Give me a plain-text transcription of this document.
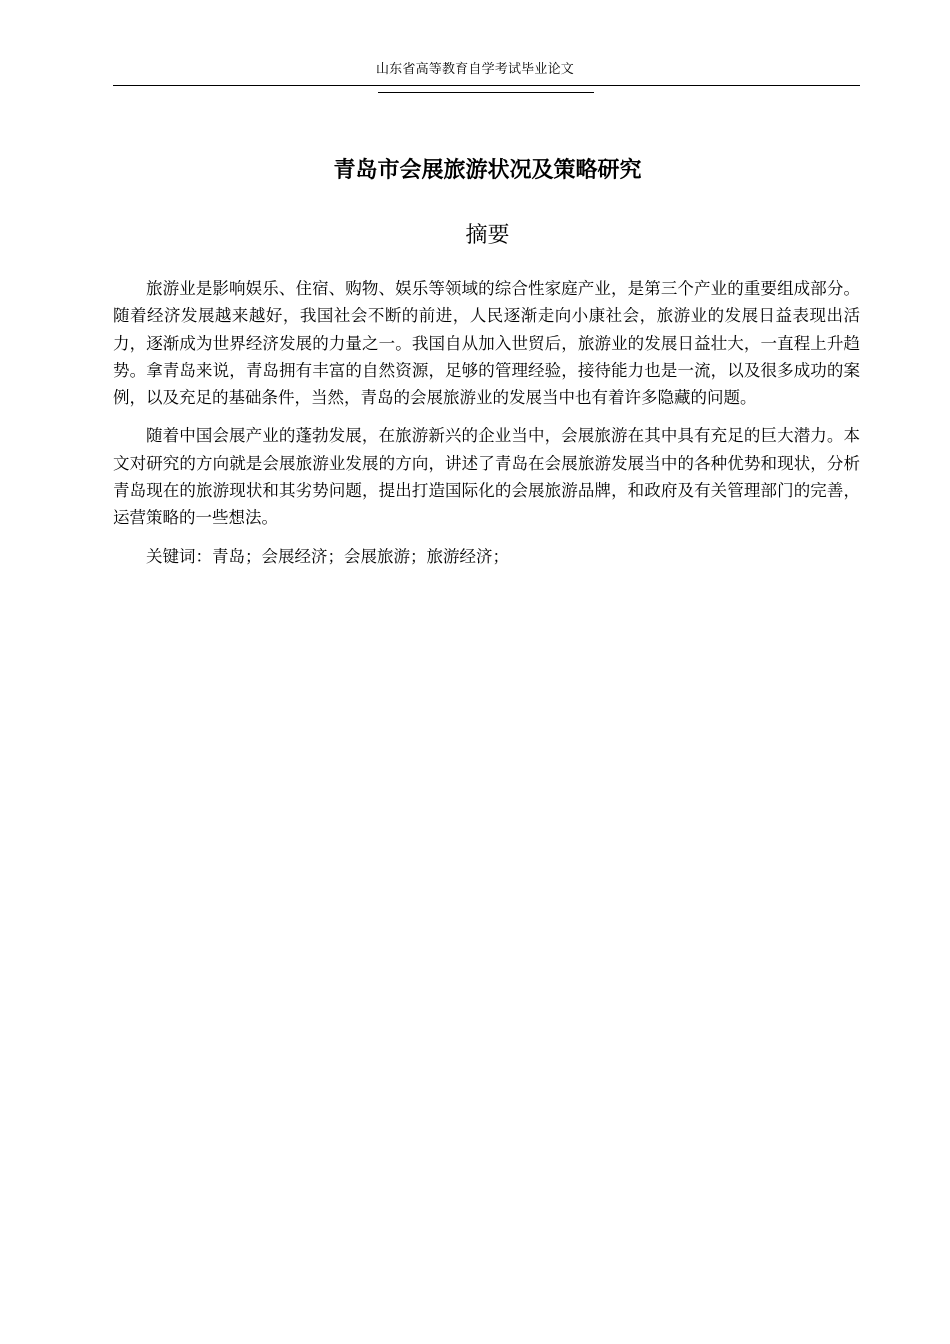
山东省高等教育自学考试毕业论文
青岛市会展旅游状况及策略研究
摘要

旅游业是影响娱乐、住宿、购物、娱乐等领域的综合性家庭产业，是第三个产业的重要组成部分。随着经济发展越来越好，我国社会不断的前进，人民逐渐走向小康社会，旅游业的发展日益表现出活力，逐渐成为世界经济发展的力量之一。我国自从加入世贸后，旅游业的发展日益壮大，一直程上升趋势。拿青岛来说，青岛拥有丰富的自然资源，足够的管理经验，接待能力也是一流，以及很多成功的案例，以及充足的基础条件，当然，青岛的会展旅游业的发展当中也有着许多隐藏的问题。

随着中国会展产业的蓬勃发展，在旅游新兴的企业当中，会展旅游在其中具有充足的巨大潜力。本文对研究的方向就是会展旅游业发展的方向，讲述了青岛在会展旅游发展当中的各种优势和现状，分析青岛现在的旅游现状和其劣势问题，提出打造国际化的会展旅游品牌，和政府及有关管理部门的完善，运营策略的一些想法。

关键词：青岛；会展经济；会展旅游；旅游经济；
